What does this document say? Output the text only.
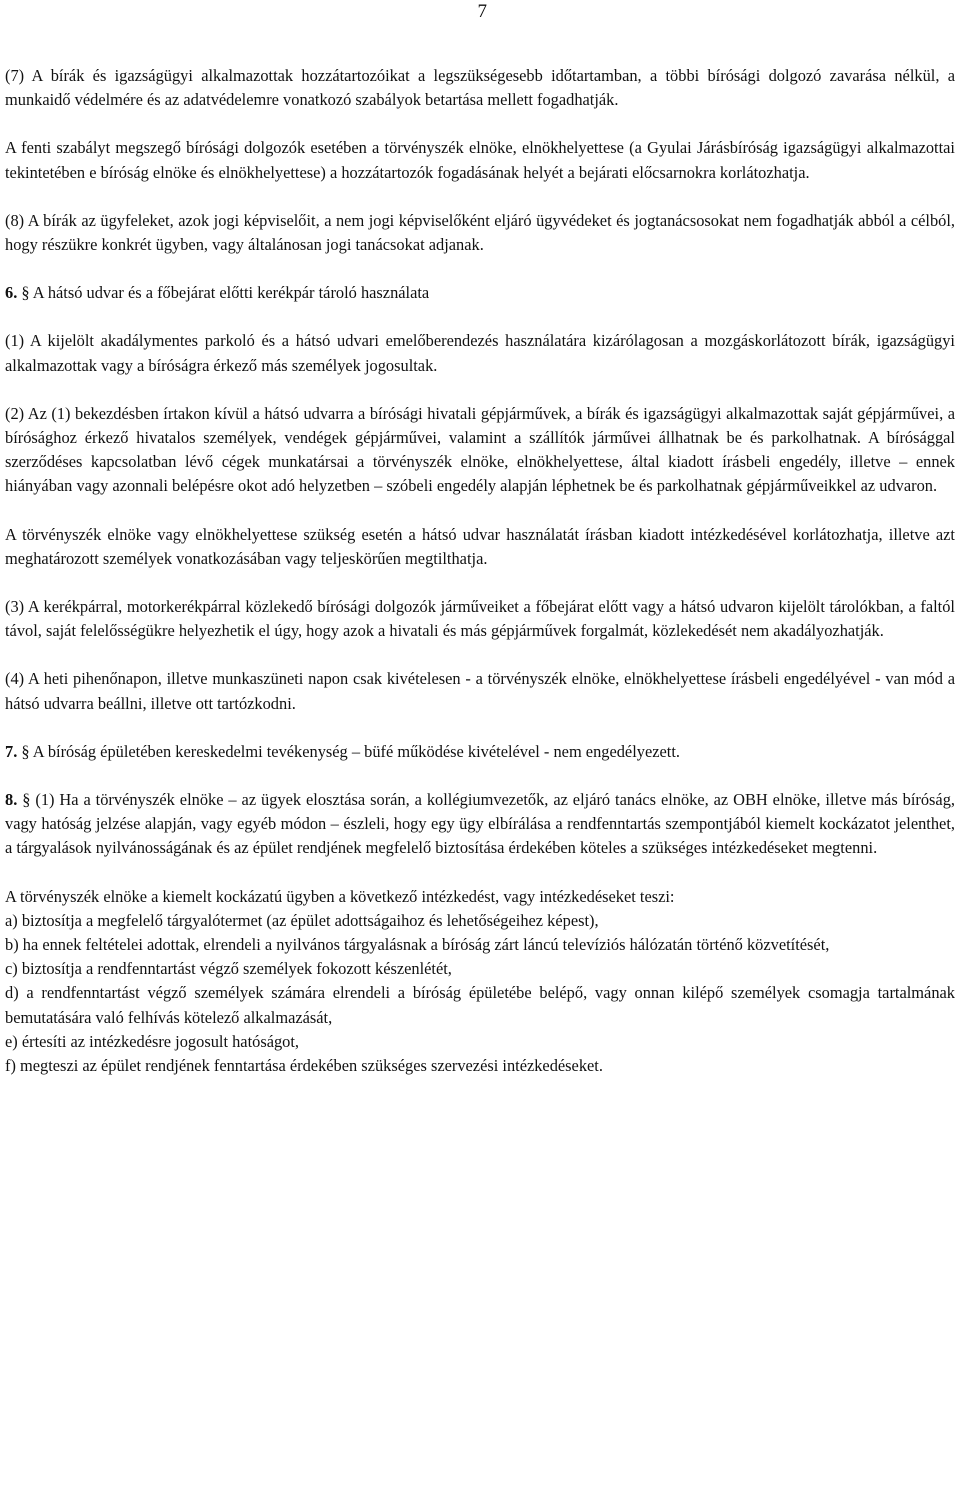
7

(7) A bírák és igazságügyi alkalmazottak hozzátartozóikat a legszükségesebb időtartamban, a többi bírósági dolgozó zavarása nélkül, a munkaidő védelmére és az adatvédelemre vonatkozó szabályok betartása mellett fogadhatják.

A fenti szabályt megszegő bírósági dolgozók esetében a törvényszék elnöke, elnökhelyettese (a Gyulai Járásbíróság igazságügyi alkalmazottai tekintetében e bíróság elnöke és elnökhelyettese) a hozzátartozók fogadásának helyét a bejárati előcsarnokra korlátozhatja.

(8) A bírák az ügyfeleket, azok jogi képviselőit, a nem jogi képviselőként eljáró ügyvédeket és jogtanácsosokat nem fogadhatják abból a célból, hogy részükre konkrét ügyben, vagy általánosan jogi tanácsokat adjanak.

6. § A hátsó udvar és a főbejárat előtti kerékpár tároló használata

(1) A kijelölt akadálymentes parkoló és a hátsó udvari emelőberendezés használatára kizárólagosan a mozgáskorlátozott bírák, igazságügyi alkalmazottak vagy a bíróságra érkező más személyek jogosultak.

(2) Az (1) bekezdésben írtakon kívül a hátsó udvarra a bírósági hivatali gépjárművek, a bírák és igazságügyi alkalmazottak saját gépjárművei, a bírósághoz érkező hivatalos személyek, vendégek gépjárművei, valamint a szállítók járművei állhatnak be és parkolhatnak. A bírósággal szerződéses kapcsolatban lévő cégek munkatársai a törvényszék elnöke, elnökhelyettese, által kiadott írásbeli engedély, illetve – ennek hiányában vagy azonnali belépésre okot adó helyzetben – szóbeli engedély alapján léphetnek be és parkolhatnak gépjárműveikkel az udvaron.

A törvényszék elnöke vagy elnökhelyettese szükség esetén a hátsó udvar használatát írásban kiadott intézkedésével korlátozhatja, illetve azt meghatározott személyek vonatkozásában vagy teljeskörűen megtilthatja.

(3) A kerékpárral, motorkerékpárral közlekedő bírósági dolgozók járműveiket a főbejárat előtt vagy a hátsó udvaron kijelölt tárolókban, a faltól távol, saját felelősségükre helyezhetik el úgy, hogy azok a hivatali és más gépjárművek forgalmát, közlekedését nem akadályozhatják.

(4) A heti pihenőnapon, illetve munkaszüneti napon csak kivételesen - a törvényszék elnöke, elnökhelyettese írásbeli engedélyével - van mód a hátsó udvarra beállni, illetve ott tartózkodni.

7. § A bíróság épületében kereskedelmi tevékenység – büfé működése kivételével - nem engedélyezett.

8. § (1) Ha a törvényszék elnöke – az ügyek elosztása során, a kollégiumvezetők, az eljáró tanács elnöke, az OBH elnöke, illetve más bíróság, vagy hatóság jelzése alapján, vagy egyéb módon – észleli, hogy egy ügy elbírálása a rendfenntartás szempontjából kiemelt kockázatot jelenthet, a tárgyalások nyilvánosságának és az épület rendjének megfelelő biztosítása érdekében köteles a szükséges intézkedéseket megtenni.

A törvényszék elnöke a kiemelt kockázatú ügyben a következő intézkedést, vagy intézkedéseket teszi:

a) biztosítja a megfelelő tárgyalótermet (az épület adottságaihoz és lehetőségeihez képest),

b) ha ennek feltételei adottak, elrendeli a nyilvános tárgyalásnak a bíróság zárt láncú televíziós hálózatán történő közvetítését,

c) biztosítja a rendfenntartást végző személyek fokozott készenlétét,

d) a rendfenntartást végző személyek számára elrendeli a bíróság épületébe belépő, vagy onnan kilépő személyek csomagja tartalmának bemutatására való felhívás kötelező alkalmazását,

e) értesíti az intézkedésre jogosult hatóságot,

f) megteszi az épület rendjének fenntartása érdekében szükséges szervezési intézkedéseket.
